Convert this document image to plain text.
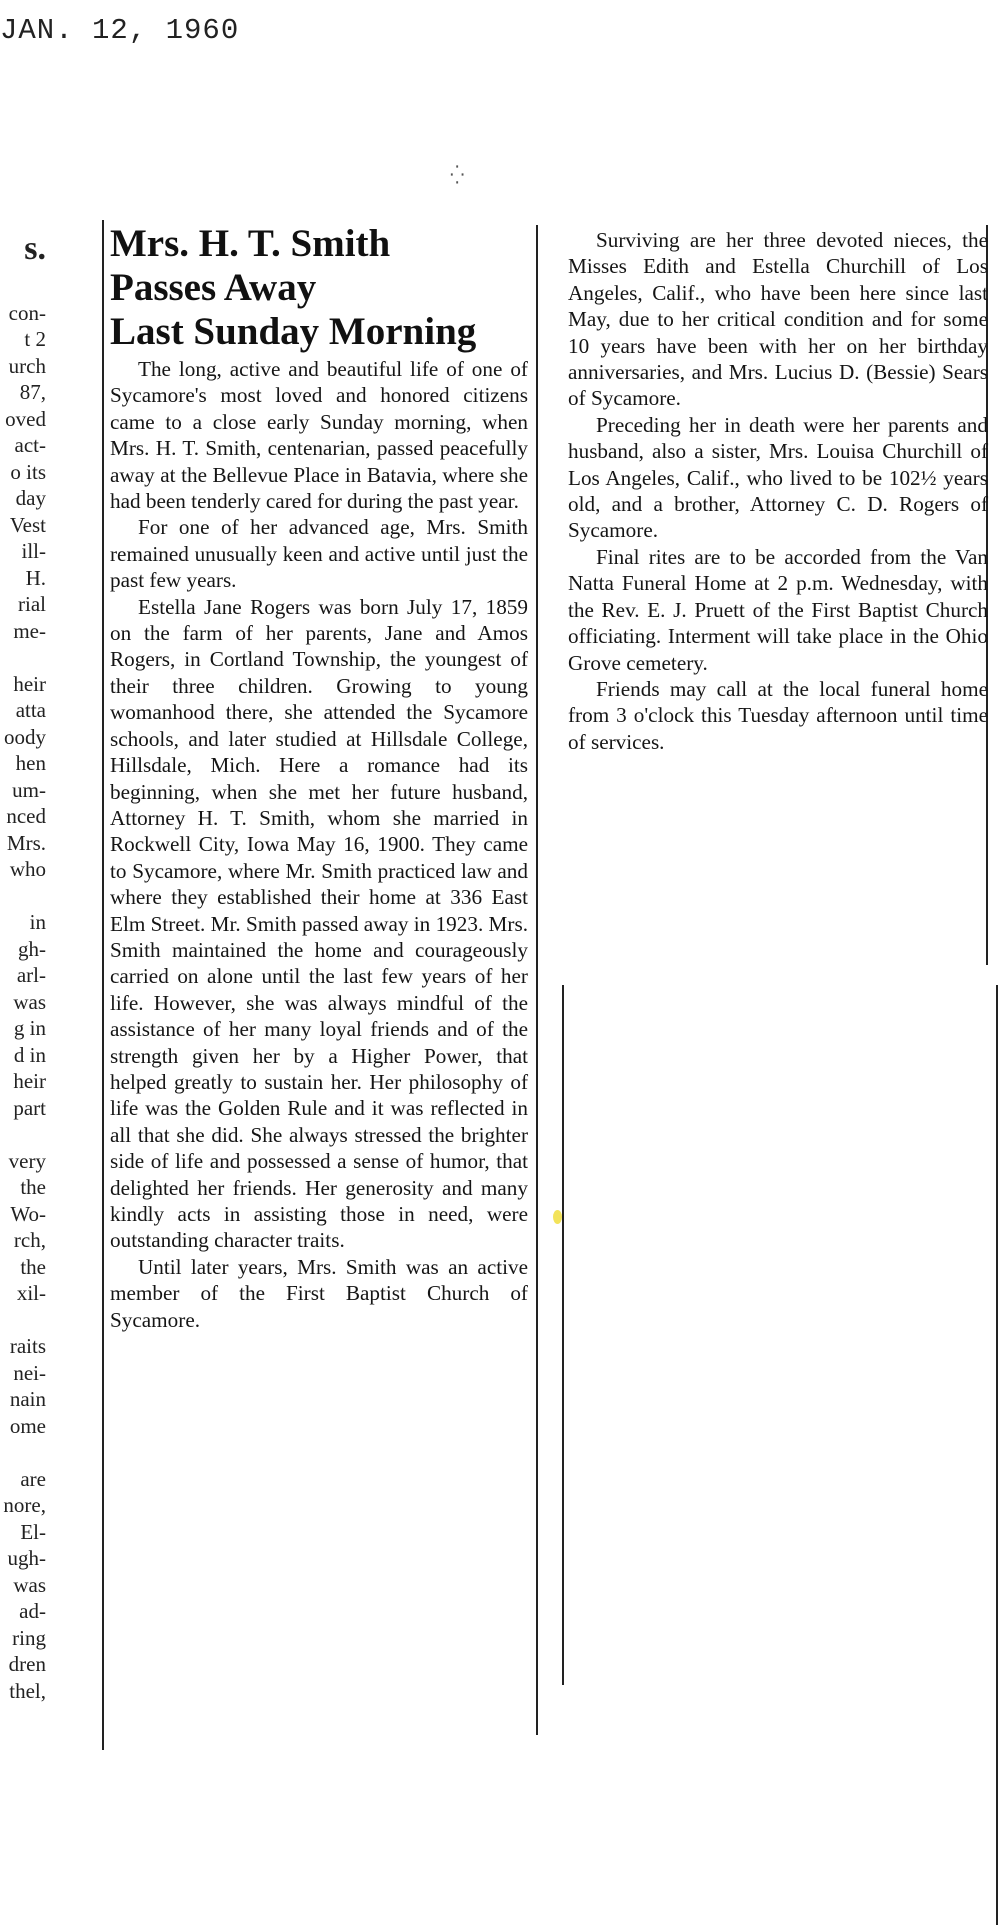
JAN. 12, 1960
⁛
s.

con-
t 2
urch
87,
oved
act-
o its
day
Vest
ill-
H.
rial
me-

heir
atta
oody
hen
um-
nced
Mrs.
who

in
gh-
arl-
was
g in
d in
heir
part

very
the
Wo-
rch,
the
xil-

raits
nei-
nain
ome

are
nore,
El-
ugh-
was
ad-
ring
dren
thel,
Mrs. H. T. Smith
Passes Away
Last Sunday Morning

The long, active and beautiful life of one of Sycamore's most loved and honored citizens came to a close early Sunday morning, when Mrs. H. T. Smith, centenarian, passed peacefully away at the Bellevue Place in Batavia, where she had been tenderly cared for during the past year.

For one of her advanced age, Mrs. Smith remained unusually keen and active until just the past few years.

Estella Jane Rogers was born July 17, 1859 on the farm of her parents, Jane and Amos Rogers, in Cortland Township, the youngest of their three children. Growing to young womanhood there, she attended the Sycamore schools, and later studied at Hillsdale College, Hillsdale, Mich. Here a romance had its beginning, when she met her future husband, Attorney H. T. Smith, whom she married in Rockwell City, Iowa May 16, 1900. They came to Sycamore, where Mr. Smith practiced law and where they established their home at 336 East Elm Street. Mr. Smith passed away in 1923. Mrs. Smith maintained the home and courageously carried on alone until the last few years of her life. However, she was always mindful of the assistance of her many loyal friends and of the strength given her by a Higher Power, that helped greatly to sustain her. Her philosophy of life was the Golden Rule and it was reflected in all that she did. She always stressed the brighter side of life and possessed a sense of humor, that delighted her friends. Her generosity and many kindly acts in assisting those in need, were outstanding character traits.

Until later years, Mrs. Smith was an active member of the First Baptist Church of Sycamore.

Surviving are her three devoted nieces, the Misses Edith and Estella Churchill of Los Angeles, Calif., who have been here since last May, due to her critical condition and for some 10 years have been with her on her birthday anniversaries, and Mrs. Lucius D. (Bessie) Sears of Sycamore.

Preceding her in death were her parents and husband, also a sister, Mrs. Louisa Churchill of Los Angeles, Calif., who lived to be 102½ years old, and a brother, Attorney C. D. Rogers of Sycamore.

Final rites are to be accorded from the Van Natta Funeral Home at 2 p.m. Wednesday, with the Rev. E. J. Pruett of the First Baptist Church officiating. Interment will take place in the Ohio Grove cemetery.

Friends may call at the local funeral home from 3 o'clock this Tuesday afternoon until time of services.
